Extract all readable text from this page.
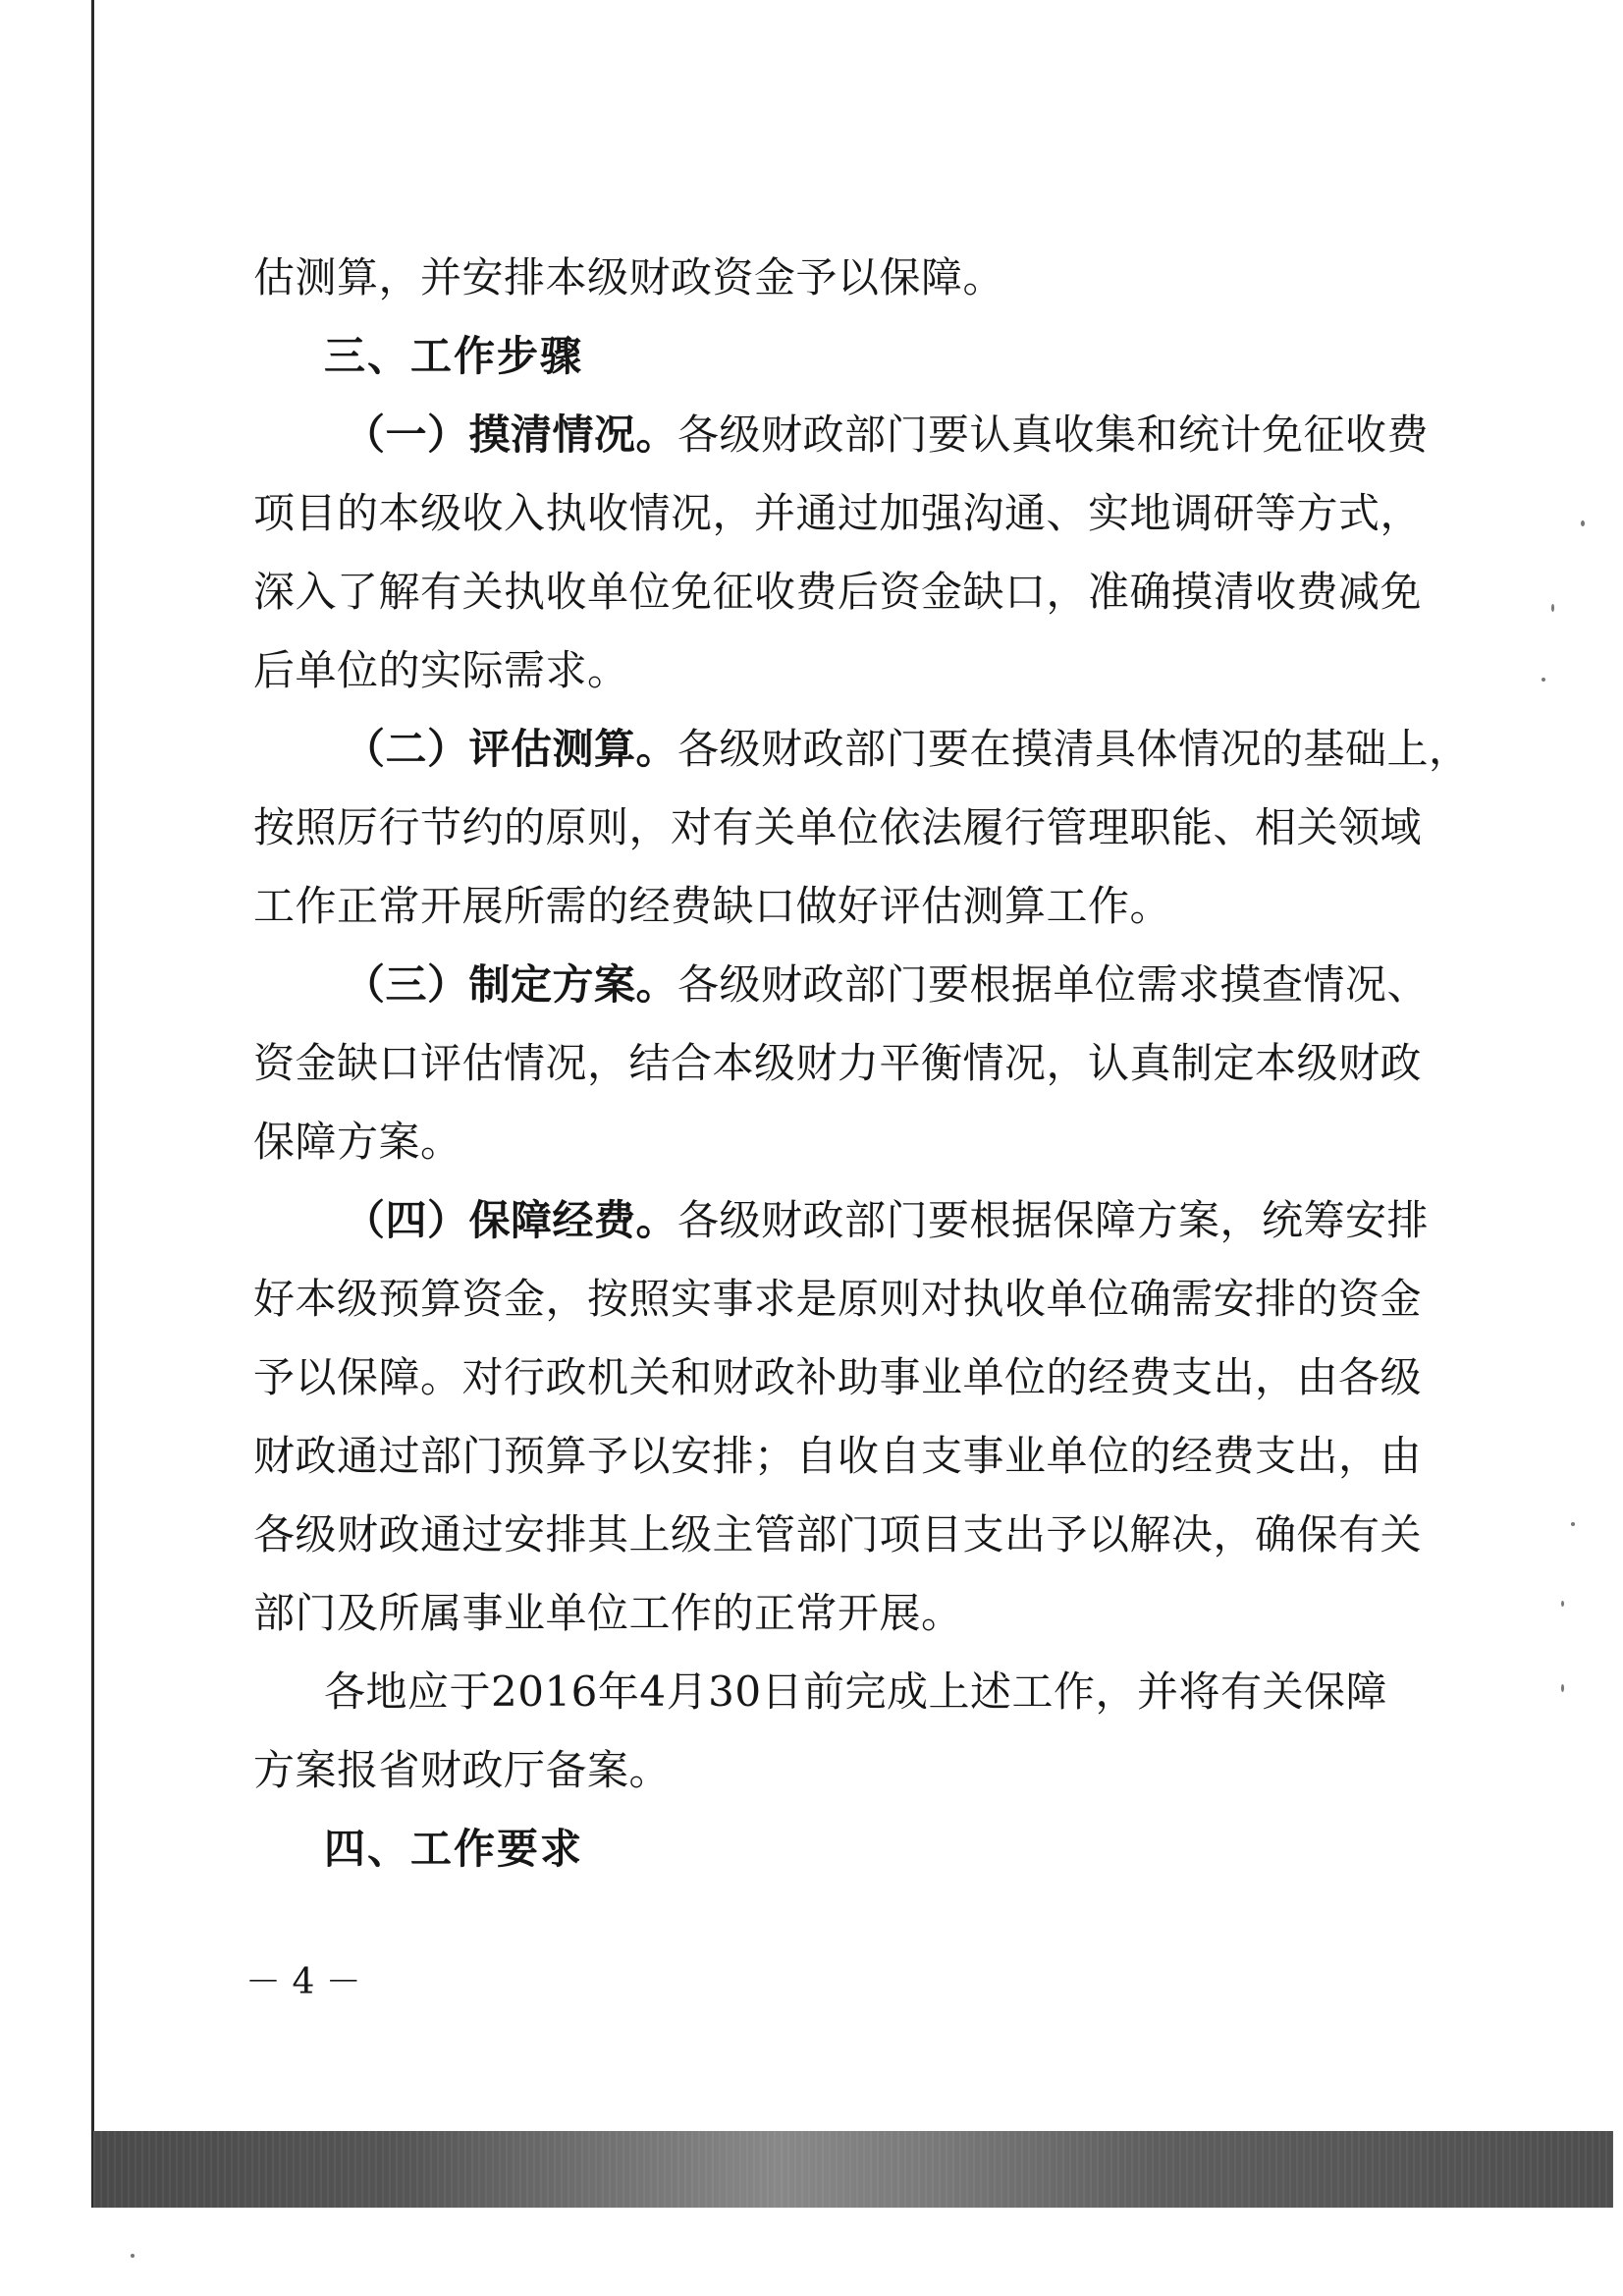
估测算，并安排本级财政资金予以保障。
三、工作步骤
（一）摸清情况。各级财政部门要认真收集和统计免征收费
项目的本级收入执收情况，并通过加强沟通、实地调研等方式，
深入了解有关执收单位免征收费后资金缺口，准确摸清收费减免
后单位的实际需求。
（二）评估测算。各级财政部门要在摸清具体情况的基础上，
按照厉行节约的原则，对有关单位依法履行管理职能、相关领域
工作正常开展所需的经费缺口做好评估测算工作。
（三）制定方案。各级财政部门要根据单位需求摸查情况、
资金缺口评估情况，结合本级财力平衡情况，认真制定本级财政
保障方案。
（四）保障经费。各级财政部门要根据保障方案，统筹安排
好本级预算资金，按照实事求是原则对执收单位确需安排的资金
予以保障。对行政机关和财政补助事业单位的经费支出，由各级
财政通过部门预算予以安排；自收自支事业单位的经费支出，由
各级财政通过安排其上级主管部门项目支出予以解决，确保有关
部门及所属事业单位工作的正常开展。
各地应于2016年4月30日前完成上述工作，并将有关保障
方案报省财政厅备案。
四、工作要求
－ 4 －
